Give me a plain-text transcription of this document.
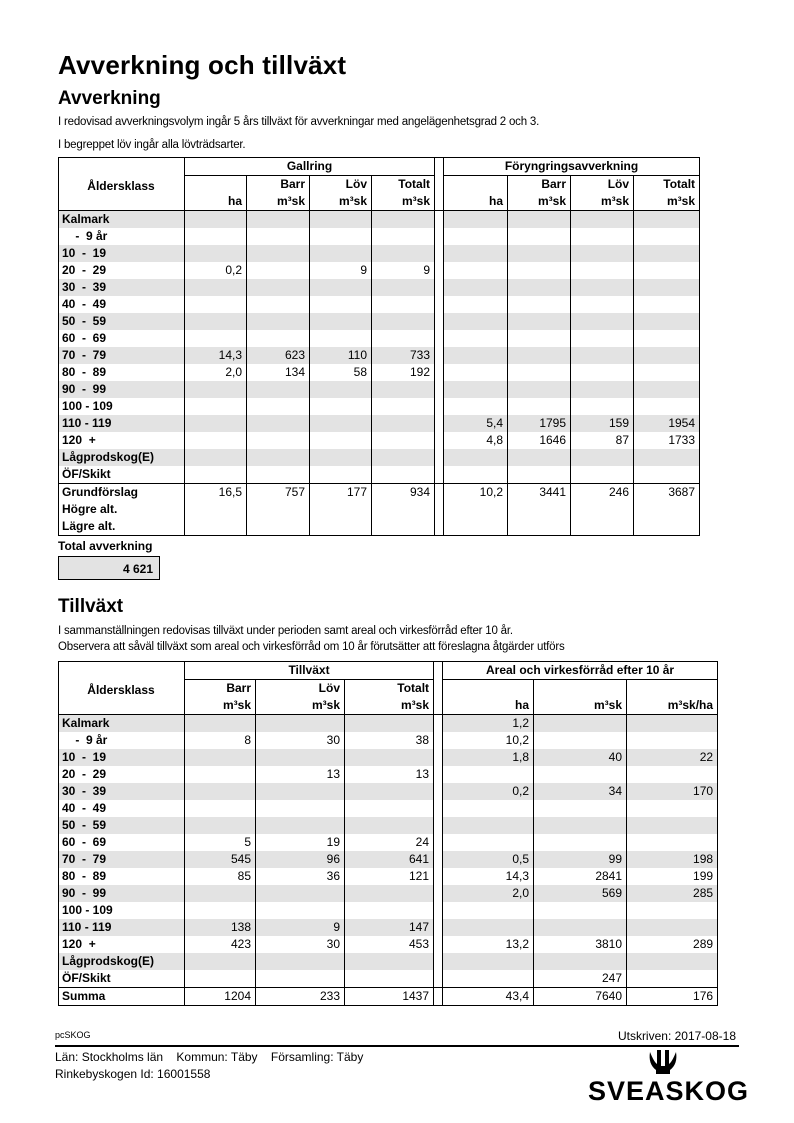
Avverkning och tillväxt
Avverkning
I redovisad avverkningsvolym ingår 5 års tillväxt för avverkningar med angelägenhetsgrad 2 och 3.
I begreppet löv ingår alla lövträdsarter.
Åldersklass	Gallring					Föryngringsavverkning			
		Barr	Löv	Totalt			Barr	Löv	Totalt
	ha	m³sk	m³sk	m³sk		ha	m³sk	m³sk	m³sk
Kalmark									
-  9 år									
10  -  19									
20  -  29	0,2		9	9					
30  -  39									
40  -  49									
50  -  59									
60  -  69									
70  -  79	14,3	623	110	733					
80  -  89	2,0	134	58	192					
90  -  99									
100 - 109									
110 - 119						5,4	1795	159	1954
120  +						4,8	1646	87	1733
Lågprodskog(E)									
ÖF/Skikt									
Grundförslag	16,5	757	177	934		10,2	3441	246	3687
Högre alt.									
Lägre alt.									
Total avverkning
4 621
Tillväxt
I sammanställningen redovisas tillväxt under perioden samt areal och virkesförråd efter 10 år.
Observera att såväl tillväxt som areal och virkesförråd om 10 år förutsätter att föreslagna åtgärder utförs
Åldersklass	Tillväxt				Areal och virkesförråd efter 10 år		
	Barr	Löv	Totalt				
	m³sk	m³sk	m³sk		ha	m³sk	m³sk/ha
Kalmark					1,2		
-  9 år	8	30	38		10,2		
10  -  19					1,8	40	22
20  -  29		13	13				
30  -  39					0,2	34	170
40  -  49							
50  -  59							
60  -  69	5	19	24				
70  -  79	545	96	641		0,5	99	198
80  -  89	85	36	121		14,3	2841	199
90  -  99					2,0	569	285
100 - 109							
110 - 119	138	9	147				
120  +	423	30	453		13,2	3810	289
Lågprodskog(E)							
ÖF/Skikt						247	
Summa	1204	233	1437		43,4	7640	176
pcSKOG	Utskriven: 2017-08-18
Län: Stockholms län    Kommun: Täby    Församling: Täby
Rinkebyskogen Id: 16001558
SVEASKOG
